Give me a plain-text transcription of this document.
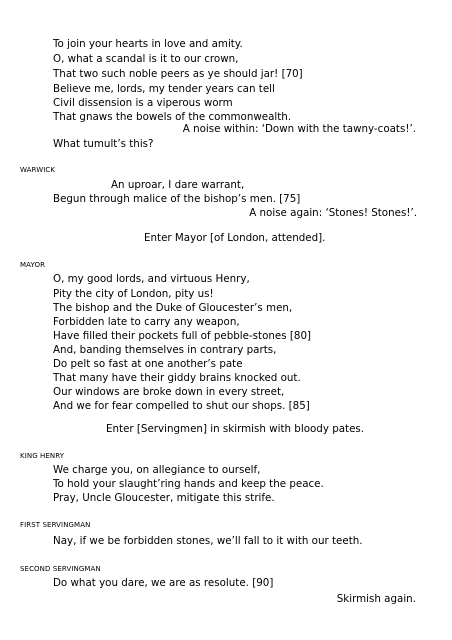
To join your hearts in love and amity.
O, what a scandal is it to our crown,
That two such noble peers as ye should jar! [70]
Believe me, lords, my tender years can tell
Civil dissension is a viperous worm
That gnaws the bowels of the commonwealth.
A noise within: ‘Down with the tawny-coats!’.
What tumult’s this?
WARWICK
An uproar, I dare warrant,
Begun through malice of the bishop’s men. [75]
A noise again: ‘Stones! Stones!’.
Enter Mayor [of London, attended].
MAYOR
O, my good lords, and virtuous Henry,
Pity the city of London, pity us!
The bishop and the Duke of Gloucester’s men,
Forbidden late to carry any weapon,
Have filled their pockets full of pebble-stones [80]
And, banding themselves in contrary parts,
Do pelt so fast at one another’s pate
That many have their giddy brains knocked out.
Our windows are broke down in every street,
And we for fear compelled to shut our shops. [85]
Enter [Servingmen] in skirmish with bloody pates.
KING HENRY
We charge you, on allegiance to ourself,
To hold your slaught’ring hands and keep the peace.
Pray, Uncle Gloucester, mitigate this strife.
FIRST SERVINGMAN
Nay, if we be forbidden stones, we’ll fall to it with our teeth.
SECOND SERVINGMAN
Do what you dare, we are as resolute. [90]
Skirmish again.
